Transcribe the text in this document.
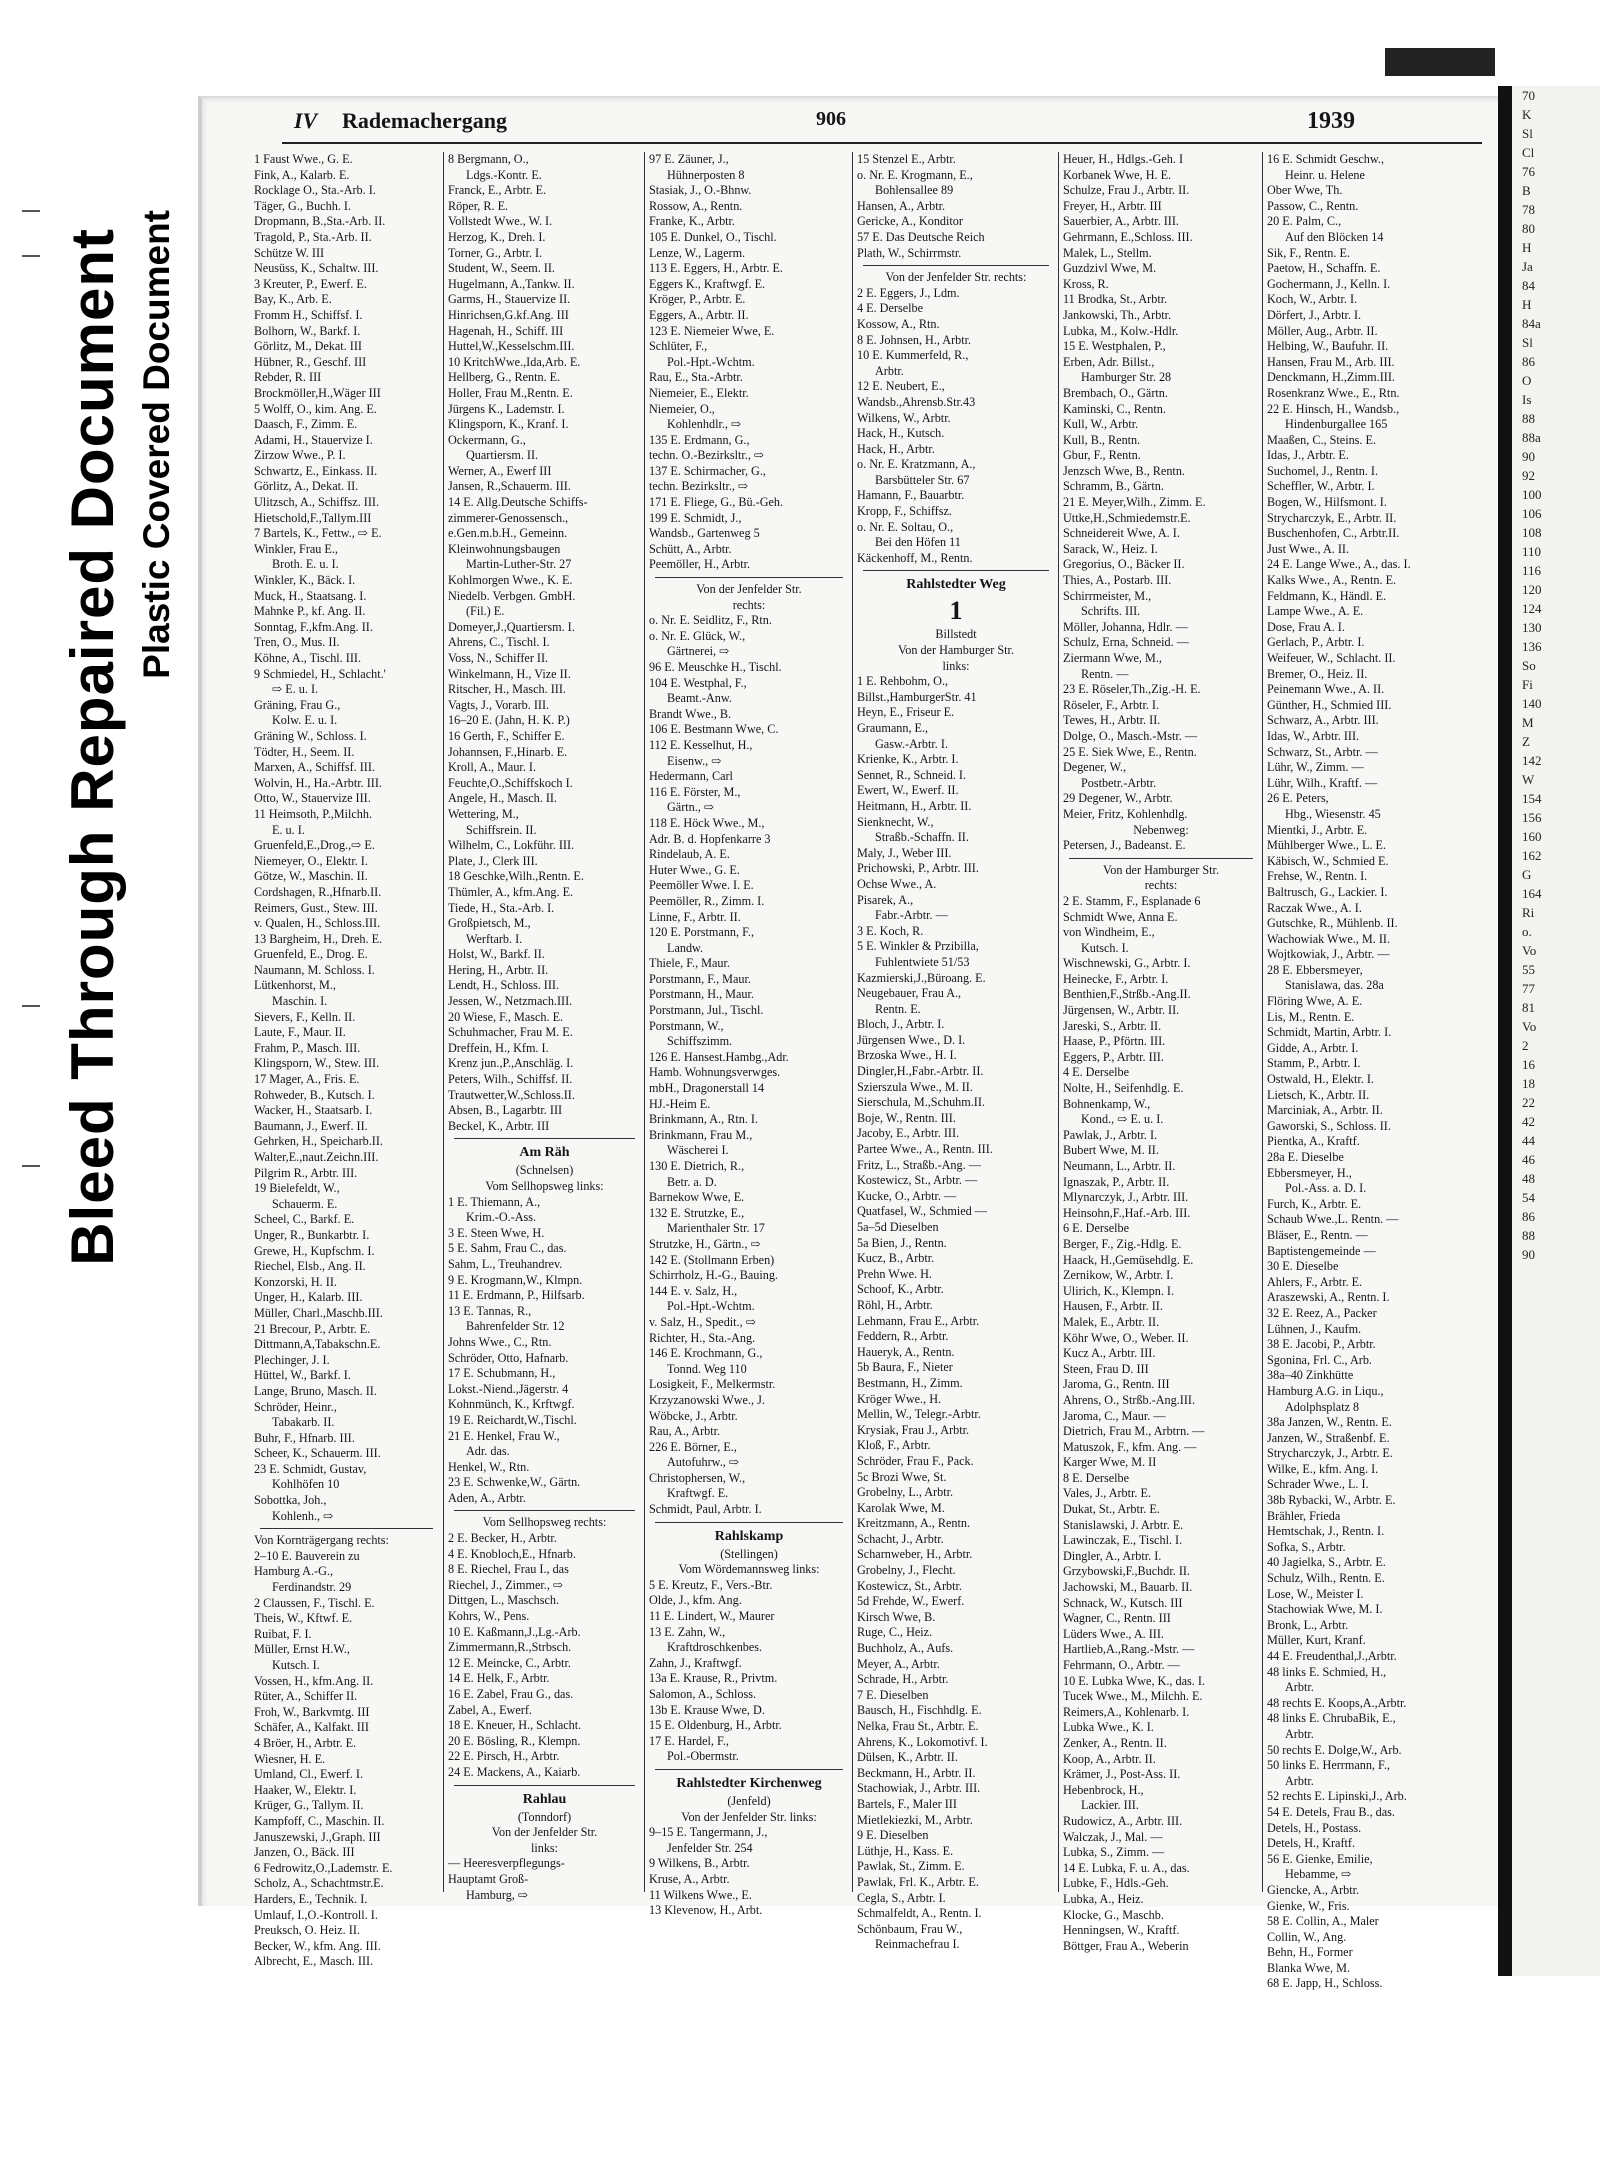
Bleed Through Repaired Document Plastic Covered Document
IV Rademachergang	906	1939
1 Faust Wwe., G. E.
Fink, A., Kalarb. E.
Rocklage O., Sta.-Arb. I.
Täger, G., Buchh. I.
Dropmann, B.,Sta.-Arb. II.
Tragold, P., Sta.-Arb. II.
Schütze W. III
Neusüss, K., Schaltw. III.
3 Kreuter, P., Ewerf. E.
Bay, K., Arb. E.
Fromm H., Schiffsf. I.
Bolhorn, W., Barkf. I.
Görlitz, M., Dekat. III
Hübner, R., Geschf. III
Rebder, R. III
Brockmöller,H.,Wäger III
5 Wolff, O., kim. Ang. E.
Daasch, F., Zimm. E.
Adami, H., Stauervize I.
Zirzow Wwe., P. I.
Schwartz, E., Einkass. II.
Görlitz, A., Dekat. II.
Ulitzsch, A., Schiffsz. III.
Hietschold,F.,Tallym.III
7 Bartels, K., Fettw., ⇨ E.
Winkler, Frau E.,
Broth. E. u. I.
Winkler, K., Bäck. I.
Muck, H., Staatsang. I.
Mahnke P., kf. Ang. II.
Sonntag, F.,kfm.Ang. II.
Tren, O., Mus. II.
Köhne, A., Tischl. III.
9 Schmiedel, H., Schlacht.'
⇨ E. u. I.
Gräning, Frau G.,
Kolw. E. u. I.
Gräning W., Schloss. I.
Tödter, H., Seem. II.
Marxen, A., Schiffsf. III.
Wolvin, H., Ha.-Arbtr. III.
Otto, W., Stauervize III.
11 Heimsoth, P.,Milchh.
E. u. I.
Gruenfeld,E.,Drog.,⇨ E.
Niemeyer, O., Elektr. I.
Götze, W., Maschin. II.
Cordshagen, R.,Hfnarb.II.
Reimers, Gust., Stew. III.
v. Qualen, H., Schloss.III.
13 Bargheim, H., Dreh. E.
Gruenfeld, E., Drog. E.
Naumann, M. Schloss. I.
Lütkenhorst, M.,
Maschin. I.
Sievers, F., Kelln. II.
Laute, F., Maur. II.
Frahm, P., Masch. III.
Klingsporn, W., Stew. III.
17 Mager, A., Fris. E.
Rohweder, B., Kutsch. I.
Wacker, H., Staatsarb. I.
Baumann, J., Ewerf. II.
Gehrken, H., Speicharb.II.
Walter,E.,naut.Zeichn.III.
Pilgrim R., Arbtr. III.
19 Bielefeldt, W.,
Schauerm. E.
Scheel, C., Barkf. E.
Unger, R., Bunkarbtr. I.
Grewe, H., Kupfschm. I.
Riechel, Elsb., Ang. II.
Konzorski, H. II.
Unger, H., Kalarb. III.
Müller, Charl.,Maschb.III.
21 Brecour, P., Arbtr. E.
Dittmann,A,Tabakschn.E.
Plechinger, J. I.
Hüttel, W., Barkf. I.
Lange, Bruno, Masch. II.
Schröder, Heinr.,
Tabakarb. II.
Buhr, F., Hfnarb. III.
Scheer, K., Schauerm. III.
23 E. Schmidt, Gustav,
Kohlhöfen 10
Sobottka, Joh.,
Kohlenh., ⇨
Von Kornträgergang rechts:
2–10 E. Bauverein zu
Hamburg A.-G.,
Ferdinandstr. 29
2 Claussen, F., Tischl. E.
Theis, W., Kftwf. E.
Ruibat, F. I.
Müller, Ernst H.W.,
Kutsch. I.
Vossen, H., kfm.Ang. II.
Rüter, A., Schiffer II.
Froh, W., Barkvmtg. III
Schäfer, A., Kalfakt. III
4 Bröer, H., Arbtr. E.
Wiesner, H. E.
Umland, Cl., Ewerf. I.
Haaker, W., Elektr. I.
Krüger, G., Tallym. II.
Kampfoff, C., Maschin. II.
Januszewski, J.,Graph. III
Janzen, O., Bäck. III
6 Fedrowitz,O.,Lademstr. E.
Scholz, A., Schachtmstr.E.
Harders, E., Technik. I.
Umlauf, I.,O.-Kontroll. I.
Preuksch, O. Heiz. II.
Becker, W., kfm. Ang. III.
Albrecht, E., Masch. III.
8 Bergmann, O.,
Ldgs.-Kontr. E.
Franck, E., Arbtr. E.
Röper, R. E.
Vollstedt Wwe., W. I.
Herzog, K., Dreh. I.
Torner, G., Arbtr. I.
Student, W., Seem. II.
Hugelmann, A.,Tankw. II.
Garms, H., Stauervize II.
Hinrichsen,G.kf.Ang. III
Hagenah, H., Schiff. III
Huttel,W.,Kesselschm.III.
10 KritchWwe.,Ida,Arb. E.
Hellberg, G., Rentn. E.
Holler, Frau M.,Rentn. E.
Jürgens K., Lademstr. I.
Klingsporn, K., Kranf. I.
Ockermann, G.,
Quartiersm. II.
Werner, A., Ewerf III
Jansen, R.,Schauerm. III.
14 E. Allg.Deutsche Schiffs-
zimmerer-Genossensch.,
e.Gen.m.b.H., Gemeinn.
Kleinwohnungsbaugen
Martin-Luther-Str. 27
Kohlmorgen Wwe., K. E.
Niedelb. Verbgen. GmbH.
(Fil.) E.
Domeyer,J.,Quartiersm. I.
Ahrens, C., Tischl. I.
Voss, N., Schiffer II.
Winkelmann, H., Vize II.
Ritscher, H., Masch. III.
Vagts, J., Vorarb. III.
16–20 E. (Jahn, H. K. P.)
16 Gerth, F., Schiffer E.
Johannsen, F.,Hinarb. E.
Kroll, A., Maur. I.
Feuchte,O.,Schiffskoch I.
Angele, H., Masch. II.
Wettering, M.,
Schiffsrein. II.
Wilhelm, C., Lokführ. III.
Plate, J., Clerk III.
18 Geschke,Wilh.,Rentn. E.
Thümler, A., kfm.Ang. E.
Tiede, H., Sta.-Arb. I.
Großpietsch, M.,
Werftarb. I.
Holst, W., Barkf. II.
Hering, H., Arbtr. II.
Lendt, H., Schloss. III.
Jessen, W., Netzmach.III.
20 Wiese, F., Masch. E.
Schuhmacher, Frau M. E.
Dreffein, H., Kfm. I.
Krenz jun.,P.,Anschläg. I.
Peters, Wilh., Schiffsf. II.
Trautwetter,W.,Schloss.II.
Absen, B., Lagarbtr. III
Beckel, K., Arbtr. III
Am Räh
(Schnelsen)
Vom Sellhopsweg links:
1 E. Thiemann, A.,
Krim.-O.-Ass.
3 E. Steen Wwe, H.
5 E. Sahm, Frau C., das.
Sahm, L., Treuhandrev.
9 E. Krogmann,W., Klmpn.
11 E. Erdmann, P., Hilfsarb.
13 E. Tannas, R.,
Bahrenfelder Str. 12
Johns Wwe., C., Rtn.
Schröder, Otto, Hafnarb.
17 E. Schubmann, H.,
Lokst.-Niend.,Jägerstr. 4
Kohnmünch, K., Krftwgf.
19 E. Reichardt,W.,Tischl.
21 E. Henkel, Frau W.,
Adr. das.
Henkel, W., Rtn.
23 E. Schwenke,W., Gärtn.
Aden, A., Arbtr.
Vom Sellhopsweg rechts:
2 E. Becker, H., Arbtr.
4 E. Knobloch,E., Hfnarb.
8 E. Riechel, Frau I., das
Riechel, J., Zimmer., ⇨
Dittgen, L., Maschsch.
Kohrs, W., Pens.
10 E. Kaßmann,J.,Lg.-Arb.
Zimmermann,R.,Strbsch.
12 E. Meincke, C., Arbtr.
14 E. Helk, F., Arbtr.
16 E. Zabel, Frau G., das.
Zabel, A., Ewerf.
18 E. Kneuer, H., Schlacht.
20 E. Bösling, R., Klempn.
22 E. Pirsch, H., Arbtr.
24 E. Mackens, A., Kaiarb.
Rahlau
(Tonndorf)
Von der Jenfelder Str.
links:
— Heeresverpflegungs-
Hauptamt Groß-
Hamburg, ⇨
97 E. Zäuner, J.,
Hühnerposten 8
Stasiak, J., O.-Bhnw.
Rossow, A., Rentn.
Franke, K., Arbtr.
105 E. Dunkel, O., Tischl.
Lenze, W., Lagerm.
113 E. Eggers, H., Arbtr. E.
Eggers K., Kraftwgf. E.
Kröger, P., Arbtr. E.
Eggers, A., Arbtr. II.
123 E. Niemeier Wwe, E.
Schlüter, F.,
Pol.-Hpt.-Wchtm.
Rau, E., Sta.-Arbtr.
Niemeier, E., Elektr.
Niemeier, O.,
Kohlenhdlr., ⇨
135 E. Erdmann, G.,
techn. O.-Bezirksltr., ⇨
137 E. Schirmacher, G.,
techn. Bezirksltr., ⇨
171 E. Fliege, G., Bü.-Geh.
199 E. Schmidt, J.,
Wandsb., Gartenweg 5
Schütt, A., Arbtr.
Peemöller, H., Arbtr.
Von der Jenfelder Str.
rechts:
o. Nr. E. Seidlitz, F., Rtn.
o. Nr. E. Glück, W.,
Gärtnerei, ⇨
96 E. Meuschke H., Tischl.
104 E. Westphal, F.,
Beamt.-Anw.
Brandt Wwe., B.
106 E. Bestmann Wwe, C.
112 E. Kesselhut, H.,
Eisenw., ⇨
Hedermann, Carl
116 E. Förster, M.,
Gärtn., ⇨
118 E. Höck Wwe., M.,
Adr. B. d. Hopfenkarre 3
Rindelaub, A. E.
Huter Wwe., G. E.
Peemöller Wwe. I. E.
Peemöller, R., Zimm. I.
Linne, F., Arbtr. II.
120 E. Porstmann, F.,
Landw.
Thiele, F., Maur.
Porstmann, F., Maur.
Porstmann, H., Maur.
Porstmann, Jul., Tischl.
Porstmann, W.,
Schiffszimm.
126 E. Hansest.Hambg.,Adr.
Hamb. Wohnungsverwges.
mbH., Dragonerstall 14
HJ.-Heim E.
Brinkmann, A., Rtn. I.
Brinkmann, Frau M.,
Wäscherei I.
130 E. Dietrich, R.,
Betr. a. D.
Barnekow Wwe, E.
132 E. Strutzke, E.,
Marienthaler Str. 17
Strutzke, H., Gärtn., ⇨
142 E. (Stollmann Erben)
Schirrholz, H.-G., Bauing.
144 E. v. Salz, H.,
Pol.-Hpt.-Wchtm.
v. Salz, H., Spedit., ⇨
Richter, H., Sta.-Ang.
146 E. Krochmann, G.,
Tonnd. Weg 110
Losigkeit, F., Melkermstr.
Krzyzanowski Wwe., J.
Wöbcke, J., Arbtr.
Rau, A., Arbtr.
226 E. Börner, E.,
Autofuhrw., ⇨
Christophersen, W.,
Kraftwgf. E.
Schmidt, Paul, Arbtr. I.
Rahlskamp
(Stellingen)
Vom Wördemannsweg links:
5 E. Kreutz, F., Vers.-Btr.
Olde, J., kfm. Ang.
11 E. Lindert, W., Maurer
13 E. Zahn, W.,
Kraftdroschkenbes.
Zahn, J., Kraftwgf.
13a E. Krause, R., Privtm.
Salomon, A., Schloss.
13b E. Krause Wwe, D.
15 E. Oldenburg, H., Arbtr.
17 E. Hardel, F.,
Pol.-Obermstr.
Rahlstedter Kirchenweg
(Jenfeld)
Von der Jenfelder Str. links:
9–15 E. Tangermann, J.,
Jenfelder Str. 254
9 Wilkens, B., Arbtr.
Kruse, A., Arbtr.
11 Wilkens Wwe., E.
13 Klevenow, H., Arbt.
15 Stenzel E., Arbtr.
o. Nr. E. Krogmann, E.,
Bohlensallee 89
Hansen, A., Arbtr.
Gericke, A., Konditor
57 E. Das Deutsche Reich
Plath, W., Schirrmstr.
Von der Jenfelder Str. rechts:
2 E. Eggers, J., Ldm.
4 E. Derselbe
Kossow, A., Rtn.
8 E. Johnsen, H., Arbtr.
10 E. Kummerfeld, R.,
Arbtr.
12 E. Neubert, E.,
Wandsb.,Ahrensb.Str.43
Wilkens, W., Arbtr.
Hack, H., Kutsch.
Hack, H., Arbtr.
o. Nr. E. Kratzmann, A.,
Barsbütteler Str. 67
Hamann, F., Bauarbtr.
Kropp, F., Schiffsz.
o. Nr. E. Soltau, O.,
Bei den Höfen 11
Käckenhoff, M., Rentn.
Rahlstedter Weg
1
Billstedt
Von der Hamburger Str.
links:
1 E. Rehbohm, O.,
Billst.,HamburgerStr. 41
Heyn, E., Friseur E.
Graumann, E.,
Gasw.-Arbtr. I.
Krienke, K., Arbtr. I.
Sennet, R., Schneid. I.
Ewert, W., Ewerf. II.
Heitmann, H., Arbtr. II.
Sienknecht, W.,
Straßb.-Schaffn. II.
Maly, J., Weber III.
Prichowski, P., Arbtr. III.
Ochse Wwe., A.
Pisarek, A.,
Fabr.-Arbtr. —
3 E. Koch, R.
5 E. Winkler & Przibilla,
Fuhlentwiete 51/53
Kazmierski,J.,Büroang. E.
Neugebauer, Frau A.,
Rentn. E.
Bloch, J., Arbtr. I.
Jürgensen Wwe., D. I.
Brzoska Wwe., H. I.
Dingler,H.,Fabr.-Arbtr. II.
Szierszula Wwe., M. II.
Sierschula, M.,Schuhm.II.
Boje, W., Rentn. III.
Jacoby, E., Arbtr. III.
Partee Wwe., A., Rentn. III.
Fritz, L., Straßb.-Ang. —
Kostewicz, St., Arbtr. —
Kucke, O., Arbtr. —
Quatfasel, W., Schmied —
5a–5d Dieselben
5a Bien, J., Rentn.
Kucz, B., Arbtr.
Prehn Wwe. H.
Schoof, K., Arbtr.
Röhl, H., Arbtr.
Lehmann, Frau E., Arbtr.
Feddern, R., Arbtr.
Haueryk, A., Rentn.
5b Baura, F., Nieter
Bestmann, H., Zimm.
Kröger Wwe., H.
Mellin, W., Telegr.-Arbtr.
Krysiak, Frau J., Arbtr.
Kloß, F., Arbtr.
Schröder, Frau F., Pack.
5c Brozi Wwe, St.
Grobelny, L., Arbtr.
Karolak Wwe, M.
Kreitzmann, A., Rentn.
Schacht, J., Arbtr.
Scharnweber, H., Arbtr.
Grobelny, J., Flecht.
Kostewicz, St., Arbtr.
5d Frehde, W., Ewerf.
Kirsch Wwe, B.
Ruge, C., Heiz.
Buchholz, A., Aufs.
Meyer, A., Arbtr.
Schrade, H., Arbtr.
7 E. Dieselben
Bausch, H., Fischhdlg. E.
Nelka, Frau St., Arbtr. E.
Ahrens, K., Lokomotivf. I.
Dülsen, K., Arbtr. II.
Beckmann, H., Arbtr. II.
Stachowiak, J., Arbtr. III.
Bartels, F., Maler III
Mietlekiezki, M., Arbtr.
9 E. Dieselben
Lüthje, H., Kass. E.
Pawlak, St., Zimm. E.
Pawlak, Frl. K., Arbtr. E.
Cegla, S., Arbtr. I.
Schmalfeldt, A., Rentn. I.
Schönbaum, Frau W.,
Reinmachefrau I.
Heuer, H., Hdlgs.-Geh. I
Korbanek Wwe, H. E.
Schulze, Frau J., Arbtr. II.
Freyer, H., Arbtr. III
Sauerbier, A., Arbtr. III.
Gehrmann, E.,Schloss. III.
Malek, L., Stellm.
Guzdzivl Wwe, M.
Kross, R.
11 Brodka, St., Arbtr.
Jankowski, Th., Arbtr.
Lubka, M., Kolw.-Hdlr.
15 E. Westphalen, P.,
Erben, Adr. Billst.,
Hamburger Str. 28
Brembach, O., Gärtn.
Kaminski, C., Rentn.
Kull, W., Arbtr.
Kull, B., Rentn.
Gbur, F., Rentn.
Jenzsch Wwe, B., Rentn.
Schramm, B., Gärtn.
21 E. Meyer,Wilh., Zimm. E.
Uttke,H.,Schmiedemstr.E.
Schneidereit Wwe, A. I.
Sarack, W., Heiz. I.
Gregorius, O., Bäcker II.
Thies, A., Postarb. III.
Schirrmeister, M.,
Schrifts. III.
Möller, Johanna, Hdlr. —
Schulz, Erna, Schneid. —
Ziermann Wwe, M.,
Rentn. —
23 E. Röseler,Th.,Zig.-H. E.
Röseler, F., Arbtr. I.
Tewes, H., Arbtr. II.
Dolge, O., Masch.-Mstr. —
25 E. Siek Wwe, E., Rentn.
Degener, W.,
Postbetr.-Arbtr.
29 Degener, W., Arbtr.
Meier, Fritz, Kohlenhdlg.
Nebenweg:
Petersen, J., Badeanst. E.
Von der Hamburger Str.
rechts:
2 E. Stamm, F., Esplanade 6
Schmidt Wwe, Anna E.
von Windheim, E.,
Kutsch. I.
Wischnewski, G., Arbtr. I.
Heinecke, F., Arbtr. I.
Benthien,F.,Strßb.-Ang.II.
Jürgensen, W., Arbtr. II.
Jareski, S., Arbtr. II.
Haase, P., Pförtn. III.
Eggers, P., Arbtr. III.
4 E. Derselbe
Nolte, H., Seifenhdlg. E.
Bohnenkamp, W.,
Kond., ⇨ E. u. I.
Pawlak, J., Arbtr. I.
Bubert Wwe, M. II.
Neumann, L., Arbtr. II.
Ignaszak, P., Arbtr. II.
Mlynarczyk, J., Arbtr. III.
Heinsohn,F.,Haf.-Arb. III.
6 E. Derselbe
Berger, F., Zig.-Hdlg. E.
Haack, H.,Gemüsehdlg. E.
Zernikow, W., Arbtr. I.
Ulirich, K., Klempn. I.
Hausen, F., Arbtr. II.
Malek, E., Arbtr. II.
Köhr Wwe, O., Weber. II.
Kucz A., Arbtr. III.
Steen, Frau D. III
Jaroma, G., Rentn. III
Ahrens, O., Strßb.-Ang.III.
Jaroma, C., Maur. —
Dietrich, Frau M., Arbtrn. —
Matuszok, F., kfm. Ang. —
Karger Wwe, M. II
8 E. Derselbe
Vales, J., Arbtr. E.
Dukat, St., Arbtr. E.
Stanislawski, J. Arbtr. E.
Lawinczak, E., Tischl. I.
Dingler, A., Arbtr. I.
Grzybowski,F.,Buchdr. II.
Jachowski, M., Bauarb. II.
Schnack, W., Kutsch. III
Wagner, C., Rentn. III
Lüders Wwe., A. III.
Hartlieb,A.,Rang.-Mstr. —
Fehrmann, O., Arbtr. —
10 E. Lubka Wwe, K., das. I.
Tucek Wwe., M., Milchh. E.
Reimers,A., Kohlenarb. I.
Lubka Wwe., K. I.
Zenker, A., Rentn. II.
Koop, A., Arbtr. II.
Krämer, J., Post-Ass. II.
Hebenbrock, H.,
Lackier. III.
Rudowicz, A., Arbtr. III.
Walczak, J., Mal. —
Lubka, S., Zimm. —
14 E. Lubka, F. u. A., das.
Lubke, F., Hdls.-Geh.
Lubka, A., Heiz.
Klocke, G., Maschb.
Henningsen, W., Kraftf.
Böttger, Frau A., Weberin
16 E. Schmidt Geschw.,
Heinr. u. Helene
Ober Wwe, Th.
Passow, C., Rentn.
20 E. Palm, C.,
Auf den Blöcken 14
Sik, F., Rentn. E.
Paetow, H., Schaffn. E.
Gochermann, J., Kelln. I.
Koch, W., Arbtr. I.
Dörfert, J., Arbtr. I.
Möller, Aug., Arbtr. II.
Helbing, W., Baufuhr. II.
Hansen, Frau M., Arb. III.
Denckmann, H.,Zimm.III.
Rosenkranz Wwe., E., Rtn.
22 E. Hinsch, H., Wandsb.,
Hindenburgallee 165
Maaßen, C., Steins. E.
Idas, J., Arbtr. E.
Suchomel, J., Rentn. I.
Scheffler, W., Arbtr. I.
Bogen, W., Hilfsmont. I.
Strycharczyk, E., Arbtr. II.
Buschenhofen, C., Arbtr.II.
Just Wwe., A. II.
24 E. Lange Wwe., A., das. I.
Kalks Wwe., A., Rentn. E.
Feldmann, K., Händl. E.
Lampe Wwe., A. E.
Dose, Frau A. I.
Gerlach, P., Arbtr. I.
Weifeuer, W., Schlacht. II.
Bremer, O., Heiz. II.
Peinemann Wwe., A. II.
Günther, H., Schmied III.
Schwarz, A., Arbtr. III.
Idas, W., Arbtr. III.
Schwarz, St., Arbtr. —
Lühr, W., Zimm. —
Lühr, Wilh., Kraftf. —
26 E. Peters,
Hbg., Wiesenstr. 45
Mientki, J., Arbtr. E.
Mühlberger Wwe., L. E.
Käbisch, W., Schmied E.
Frehse, W., Rentn. I.
Baltrusch, G., Lackier. I.
Raczak Wwe., A. I.
Gutschke, R., Mühlenb. II.
Wachowiak Wwe., M. II.
Wojtkowiak, J., Arbtr. —
28 E. Ebbersmeyer,
Stanislawa, das. 28a
Flöring Wwe, A. E.
Lis, M., Rentn. E.
Schmidt, Martin, Arbtr. I.
Gidde, A., Arbtr. I.
Stamm, P., Arbtr. I.
Ostwald, H., Elektr. I.
Lietsch, K., Arbtr. II.
Marciniak, A., Arbtr. II.
Gaworski, S., Schloss. II.
Pientka, A., Kraftf.
28a E. Dieselbe
Ebbersmeyer, H.,
Pol.-Ass. a. D. I.
Furch, K., Arbtr. E.
Schaub Wwe.,L. Rentn. —
Bläser, E., Rentn. —
Baptistengemeinde —
30 E. Dieselbe
Ahlers, F., Arbtr. E.
Araszewski, A., Rentn. I.
32 E. Reez, A., Packer
Lühnen, J., Kaufm.
38 E. Jacobi, P., Arbtr.
Sgonina, Frl. C., Arb.
38a–40 Zinkhütte
Hamburg A.G. in Liqu.,
Adolphsplatz 8
38a Janzen, W., Rentn. E.
Janzen, W., Straßenbf. E.
Strycharczyk, J., Arbtr. E.
Wilke, E., kfm. Ang. I.
Schrader Wwe., L. I.
38b Rybacki, W., Arbtr. E.
Brähler, Frieda
Hemtschak, J., Rentn. I.
Sofka, S., Arbtr.
40 Jagielka, S., Arbtr. E.
Schulz, Wilh., Rentn. E.
Lose, W., Meister I.
Stachowiak Wwe, M. I.
Bronk, L., Arbtr.
Müller, Kurt, Kranf.
44 E. Freudenthal,J.,Arbtr.
48 links E. Schmied, H.,
Arbtr.
48 rechts E. Koops,A.,Arbtr.
48 links E. ChrubaBik, E.,
Arbtr.
50 rechts E. Dolge,W., Arb.
50 links E. Herrmann, F.,
Arbtr.
52 rechts E. Lipinski,J., Arb.
54 E. Detels, Frau B., das.
Detels, H., Postass.
Detels, H., Kraftf.
56 E. Gienke, Emilie,
Hebamme, ⇨
Giencke, A., Arbtr.
Gienke, W., Fris.
58 E. Collin, A., Maler
Collin, W., Ang.
Behn, H., Former
Blanka Wwe, M.
68 E. Japp, H., Schloss.
70
K
Sl
Cl
76
B
78
80
H
Ja
84
H
84a
Sl
86
O
Is
88
88a
90
92
100
106
108
110
116
120
124
130
136
So
Fi
140
M
Z
142
W
154
156
160
162
G
164
Ri
o.
Vo
55
77
81
Vo
2
16
18
22
42
44
46
48
54
86
88
90
